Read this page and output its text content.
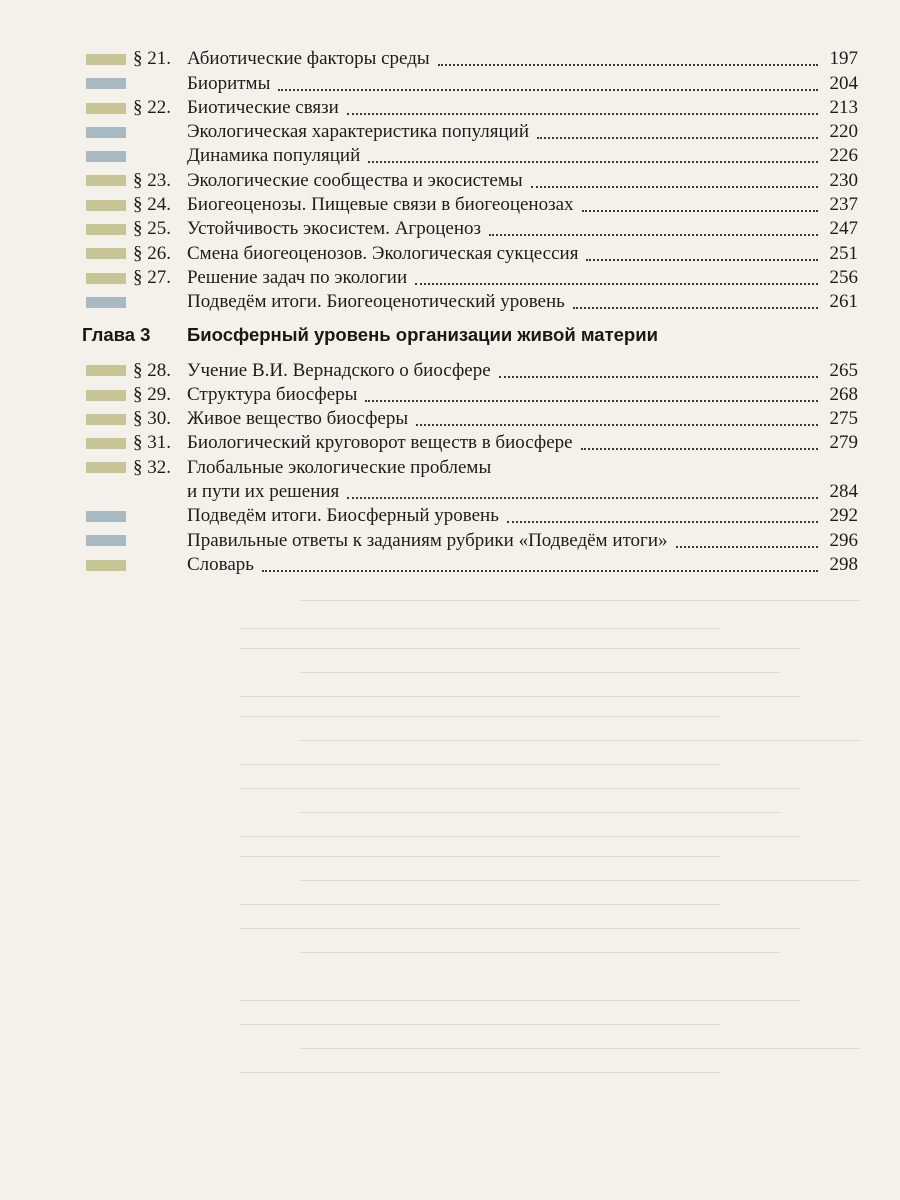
§ 21. Абиотические факторы среды	197
Биоритмы	204
§ 22. Биотические связи	213
Экологическая характеристика популяций	220
Динамика популяций	226
§ 23. Экологические сообщества и экосистемы	230
§ 24. Биогеоценозы. Пищевые связи в биогеоценозах	237
§ 25. Устойчивость экосистем. Агроценоз	247
§ 26. Смена биогеоценозов. Экологическая сукцессия	251
§ 27. Решение задач по экологии	256
Подведём итоги. Биогеоценотический уровень	261
Глава 3 Биосферный уровень организации живой материи
§ 28. Учение В.И. Вернадского о биосфере	265
§ 29. Структура биосферы	268
§ 30. Живое вещество биосферы	275
§ 31. Биологический круговорот веществ в биосфере	279
§ 32. Глобальные экологические проблемы
и пути их решения	284
Подведём итоги. Биосферный уровень	292
Правильные ответы к заданиям рубрики «Подведём итоги»	296
Словарь	298
